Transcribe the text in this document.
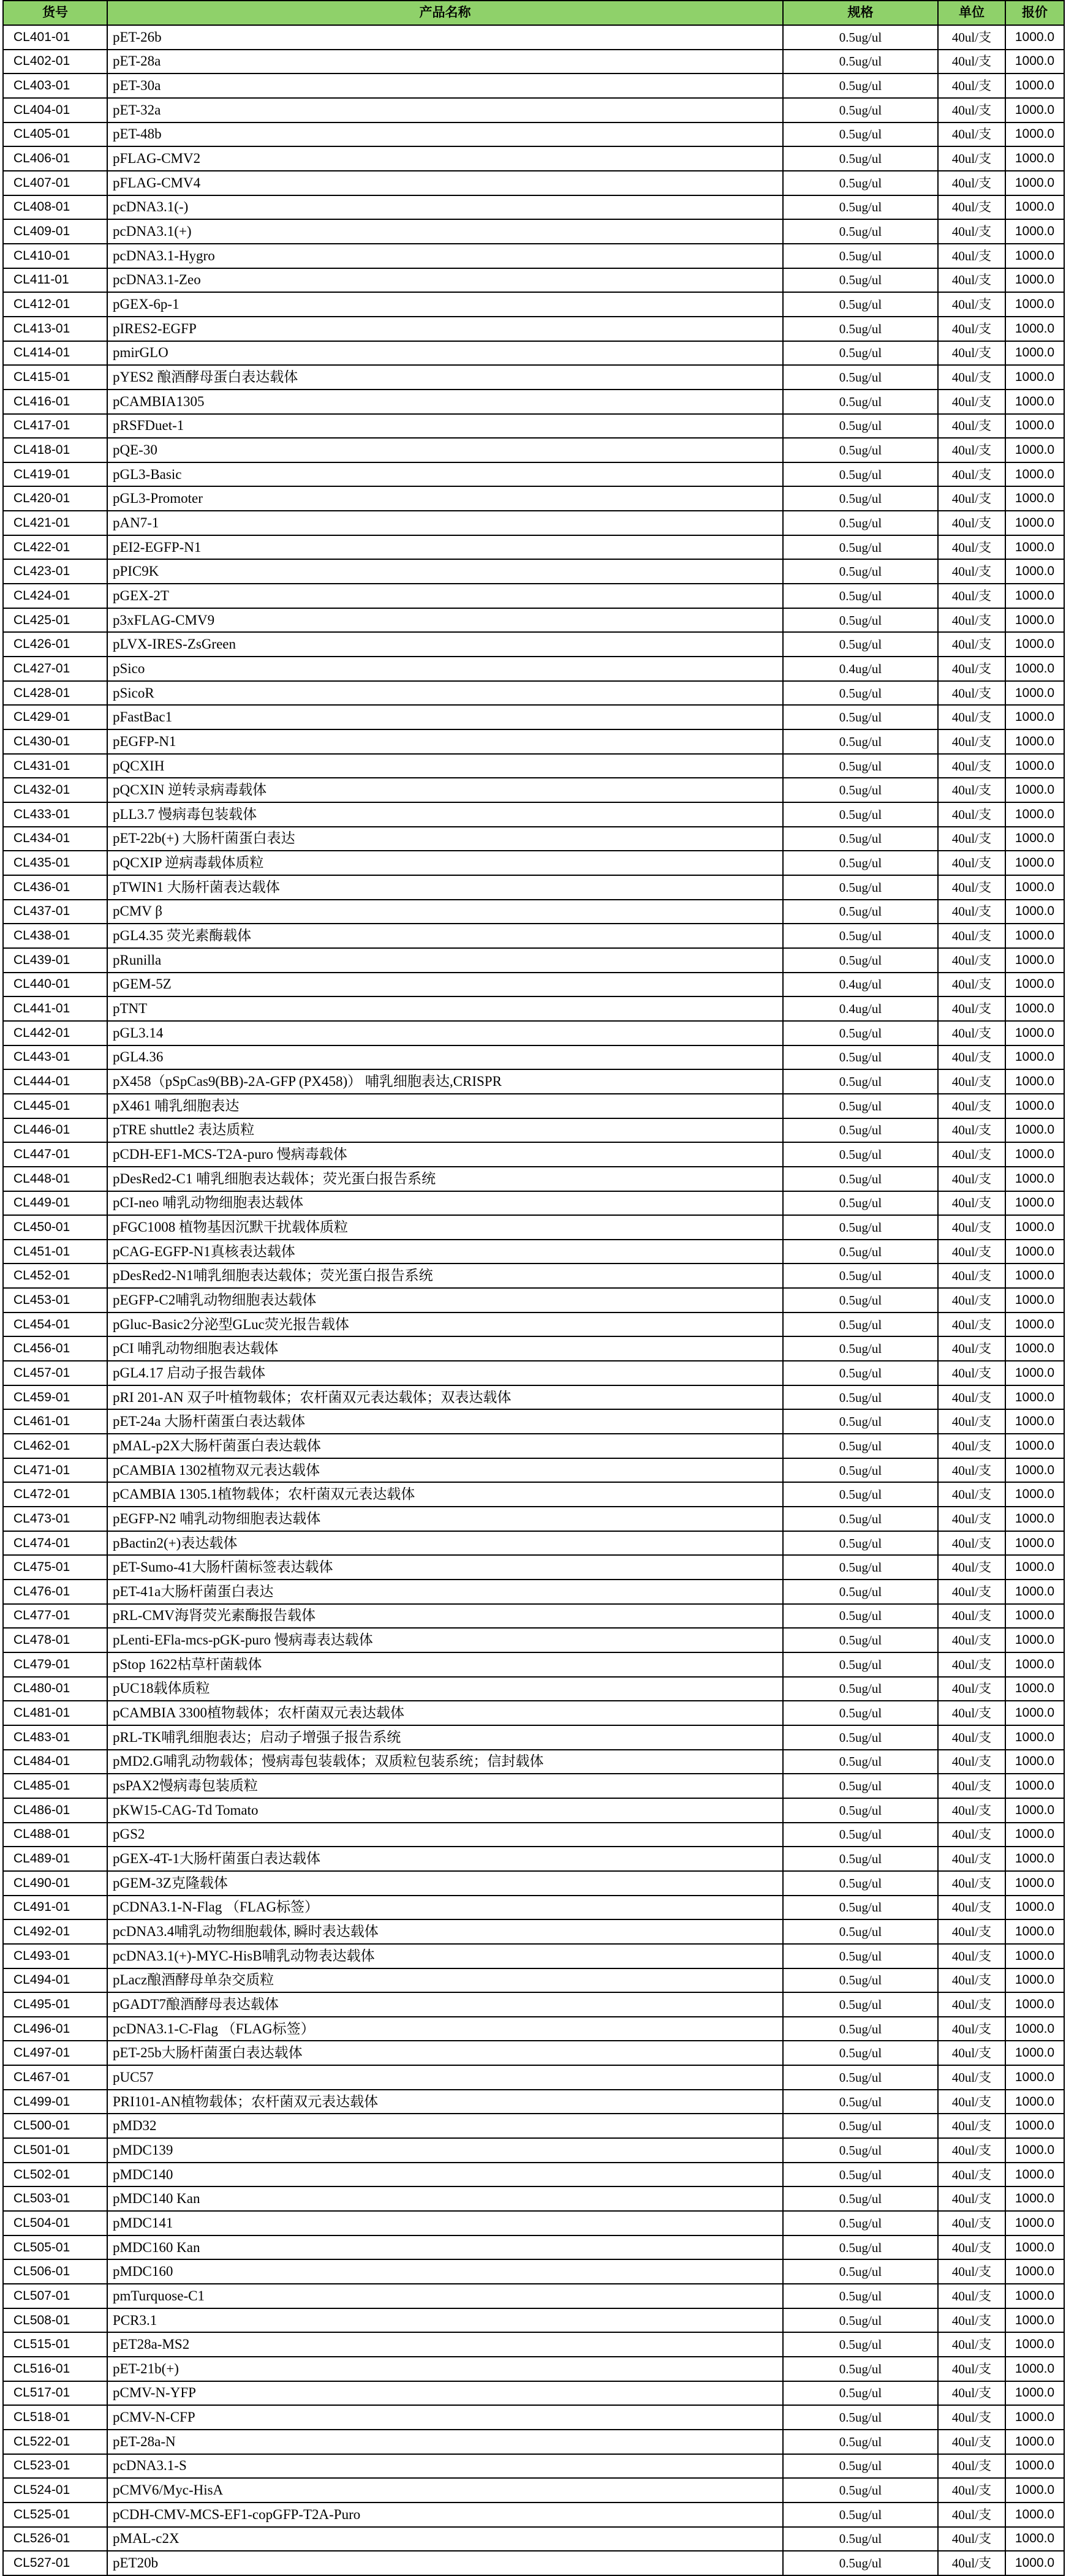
货号	产品名称	规格	单位	报价
CL401-01	pET-26b	0.5ug/ul	40ul/支	1000.0
CL402-01	pET-28a	0.5ug/ul	40ul/支	1000.0
CL403-01	pET-30a	0.5ug/ul	40ul/支	1000.0
CL404-01	pET-32a	0.5ug/ul	40ul/支	1000.0
CL405-01	pET-48b	0.5ug/ul	40ul/支	1000.0
CL406-01	pFLAG-CMV2	0.5ug/ul	40ul/支	1000.0
CL407-01	pFLAG-CMV4	0.5ug/ul	40ul/支	1000.0
CL408-01	pcDNA3.1(-)	0.5ug/ul	40ul/支	1000.0
CL409-01	pcDNA3.1(+)	0.5ug/ul	40ul/支	1000.0
CL410-01	pcDNA3.1-Hygro	0.5ug/ul	40ul/支	1000.0
CL411-01	pcDNA3.1-Zeo	0.5ug/ul	40ul/支	1000.0
CL412-01	pGEX-6p-1	0.5ug/ul	40ul/支	1000.0
CL413-01	pIRES2-EGFP	0.5ug/ul	40ul/支	1000.0
CL414-01	pmirGLO	0.5ug/ul	40ul/支	1000.0
CL415-01	pYES2 酿酒酵母蛋白表达载体	0.5ug/ul	40ul/支	1000.0
CL416-01	pCAMBIA1305	0.5ug/ul	40ul/支	1000.0
CL417-01	pRSFDuet-1	0.5ug/ul	40ul/支	1000.0
CL418-01	pQE-30	0.5ug/ul	40ul/支	1000.0
CL419-01	pGL3-Basic	0.5ug/ul	40ul/支	1000.0
CL420-01	pGL3-Promoter	0.5ug/ul	40ul/支	1000.0
CL421-01	pAN7-1	0.5ug/ul	40ul/支	1000.0
CL422-01	pEI2-EGFP-N1	0.5ug/ul	40ul/支	1000.0
CL423-01	pPIC9K	0.5ug/ul	40ul/支	1000.0
CL424-01	pGEX-2T	0.5ug/ul	40ul/支	1000.0
CL425-01	p3xFLAG-CMV9	0.5ug/ul	40ul/支	1000.0
CL426-01	pLVX-IRES-ZsGreen	0.5ug/ul	40ul/支	1000.0
CL427-01	pSico	0.4ug/ul	40ul/支	1000.0
CL428-01	pSicoR	0.5ug/ul	40ul/支	1000.0
CL429-01	pFastBac1	0.5ug/ul	40ul/支	1000.0
CL430-01	pEGFP-N1	0.5ug/ul	40ul/支	1000.0
CL431-01	pQCXIH	0.5ug/ul	40ul/支	1000.0
CL432-01	pQCXIN 逆转录病毒载体	0.5ug/ul	40ul/支	1000.0
CL433-01	pLL3.7 慢病毒包装载体	0.5ug/ul	40ul/支	1000.0
CL434-01	pET-22b(+) 大肠杆菌蛋白表达	0.5ug/ul	40ul/支	1000.0
CL435-01	pQCXIP 逆病毒载体质粒	0.5ug/ul	40ul/支	1000.0
CL436-01	pTWIN1 大肠杆菌表达载体	0.5ug/ul	40ul/支	1000.0
CL437-01	pCMV β	0.5ug/ul	40ul/支	1000.0
CL438-01	pGL4.35 荧光素酶载体	0.5ug/ul	40ul/支	1000.0
CL439-01	pRunilla	0.5ug/ul	40ul/支	1000.0
CL440-01	pGEM-5Z	0.4ug/ul	40ul/支	1000.0
CL441-01	pTNT	0.4ug/ul	40ul/支	1000.0
CL442-01	pGL3.14	0.5ug/ul	40ul/支	1000.0
CL443-01	pGL4.36	0.5ug/ul	40ul/支	1000.0
CL444-01	pX458（pSpCas9(BB)-2A-GFP (PX458)） 哺乳细胞表达,CRISPR	0.5ug/ul	40ul/支	1000.0
CL445-01	pX461 哺乳细胞表达	0.5ug/ul	40ul/支	1000.0
CL446-01	pTRE shuttle2 表达质粒	0.5ug/ul	40ul/支	1000.0
CL447-01	pCDH-EF1-MCS-T2A-puro 慢病毒载体	0.5ug/ul	40ul/支	1000.0
CL448-01	pDesRed2-C1 哺乳细胞表达载体；荧光蛋白报告系统	0.5ug/ul	40ul/支	1000.0
CL449-01	pCI-neo 哺乳动物细胞表达载体	0.5ug/ul	40ul/支	1000.0
CL450-01	pFGC1008 植物基因沉默干扰载体质粒	0.5ug/ul	40ul/支	1000.0
CL451-01	pCAG-EGFP-N1真核表达载体	0.5ug/ul	40ul/支	1000.0
CL452-01	pDesRed2-N1哺乳细胞表达载体；荧光蛋白报告系统	0.5ug/ul	40ul/支	1000.0
CL453-01	pEGFP-C2哺乳动物细胞表达载体	0.5ug/ul	40ul/支	1000.0
CL454-01	pGluc-Basic2分泌型GLuc荧光报告载体	0.5ug/ul	40ul/支	1000.0
CL456-01	pCI 哺乳动物细胞表达载体	0.5ug/ul	40ul/支	1000.0
CL457-01	pGL4.17 启动子报告载体	0.5ug/ul	40ul/支	1000.0
CL459-01	pRI 201-AN 双子叶植物载体；农杆菌双元表达载体；双表达载体	0.5ug/ul	40ul/支	1000.0
CL461-01	pET-24a 大肠杆菌蛋白表达载体	0.5ug/ul	40ul/支	1000.0
CL462-01	pMAL-p2X大肠杆菌蛋白表达载体	0.5ug/ul	40ul/支	1000.0
CL471-01	pCAMBIA 1302植物双元表达载体	0.5ug/ul	40ul/支	1000.0
CL472-01	pCAMBIA 1305.1植物载体；农杆菌双元表达载体	0.5ug/ul	40ul/支	1000.0
CL473-01	pEGFP-N2 哺乳动物细胞表达载体	0.5ug/ul	40ul/支	1000.0
CL474-01	pBactin2(+)表达载体	0.5ug/ul	40ul/支	1000.0
CL475-01	pET-Sumo-41大肠杆菌标签表达载体	0.5ug/ul	40ul/支	1000.0
CL476-01	pET-41a大肠杆菌蛋白表达	0.5ug/ul	40ul/支	1000.0
CL477-01	pRL-CMV海肾荧光素酶报告载体	0.5ug/ul	40ul/支	1000.0
CL478-01	pLenti-EFla-mcs-pGK-puro 慢病毒表达载体	0.5ug/ul	40ul/支	1000.0
CL479-01	pStop 1622枯草杆菌载体	0.5ug/ul	40ul/支	1000.0
CL480-01	pUC18载体质粒	0.5ug/ul	40ul/支	1000.0
CL481-01	pCAMBIA 3300植物载体；农杆菌双元表达载体	0.5ug/ul	40ul/支	1000.0
CL483-01	pRL-TK哺乳细胞表达；启动子增强子报告系统	0.5ug/ul	40ul/支	1000.0
CL484-01	pMD2.G哺乳动物载体；慢病毒包装载体；双质粒包装系统；信封载体	0.5ug/ul	40ul/支	1000.0
CL485-01	psPAX2慢病毒包装质粒	0.5ug/ul	40ul/支	1000.0
CL486-01	pKW15-CAG-Td Tomato	0.5ug/ul	40ul/支	1000.0
CL488-01	pGS2	0.5ug/ul	40ul/支	1000.0
CL489-01	pGEX-4T-1大肠杆菌蛋白表达载体	0.5ug/ul	40ul/支	1000.0
CL490-01	pGEM-3Z克隆载体	0.5ug/ul	40ul/支	1000.0
CL491-01	pCDNA3.1-N-Flag （FLAG标签）	0.5ug/ul	40ul/支	1000.0
CL492-01	pcDNA3.4哺乳动物细胞载体, 瞬时表达载体	0.5ug/ul	40ul/支	1000.0
CL493-01	pcDNA3.1(+)-MYC-HisB哺乳动物表达载体	0.5ug/ul	40ul/支	1000.0
CL494-01	pLacz酿酒酵母单杂交质粒	0.5ug/ul	40ul/支	1000.0
CL495-01	pGADT7酿酒酵母表达载体	0.5ug/ul	40ul/支	1000.0
CL496-01	pcDNA3.1-C-Flag （FLAG标签）	0.5ug/ul	40ul/支	1000.0
CL497-01	pET-25b大肠杆菌蛋白表达载体	0.5ug/ul	40ul/支	1000.0
CL467-01	pUC57	0.5ug/ul	40ul/支	1000.0
CL499-01	PRI101-AN植物载体；农杆菌双元表达载体	0.5ug/ul	40ul/支	1000.0
CL500-01	pMD32	0.5ug/ul	40ul/支	1000.0
CL501-01	pMDC139	0.5ug/ul	40ul/支	1000.0
CL502-01	pMDC140	0.5ug/ul	40ul/支	1000.0
CL503-01	pMDC140 Kan	0.5ug/ul	40ul/支	1000.0
CL504-01	pMDC141	0.5ug/ul	40ul/支	1000.0
CL505-01	pMDC160 Kan	0.5ug/ul	40ul/支	1000.0
CL506-01	pMDC160	0.5ug/ul	40ul/支	1000.0
CL507-01	pmTurquose-C1	0.5ug/ul	40ul/支	1000.0
CL508-01	PCR3.1	0.5ug/ul	40ul/支	1000.0
CL515-01	pET28a-MS2	0.5ug/ul	40ul/支	1000.0
CL516-01	pET-21b(+)	0.5ug/ul	40ul/支	1000.0
CL517-01	pCMV-N-YFP	0.5ug/ul	40ul/支	1000.0
CL518-01	pCMV-N-CFP	0.5ug/ul	40ul/支	1000.0
CL522-01	pET-28a-N	0.5ug/ul	40ul/支	1000.0
CL523-01	pcDNA3.1-S	0.5ug/ul	40ul/支	1000.0
CL524-01	pCMV6/Myc-HisA	0.5ug/ul	40ul/支	1000.0
CL525-01	pCDH-CMV-MCS-EF1-copGFP-T2A-Puro	0.5ug/ul	40ul/支	1000.0
CL526-01	pMAL-c2X	0.5ug/ul	40ul/支	1000.0
CL527-01	pET20b	0.5ug/ul	40ul/支	1000.0
